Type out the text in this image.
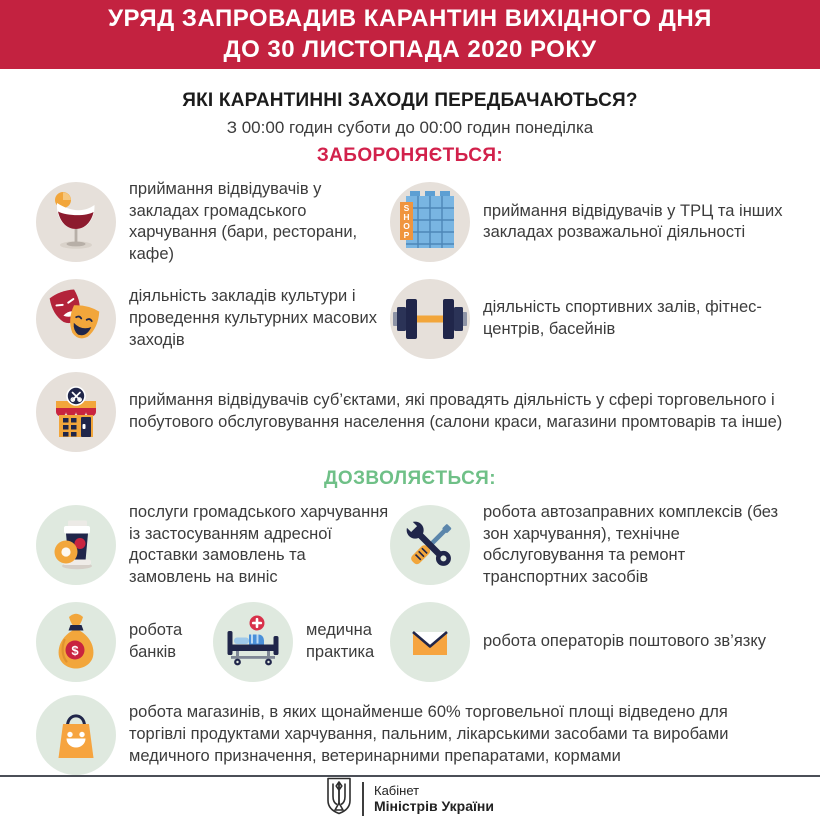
УРЯД ЗАПРОВАДИВ КАРАНТИН ВИХІДНОГО ДНЯ
ДО 30 ЛИСТОПАДА 2020 РОКУ
ЯКІ КАРАНТИННІ ЗАХОДИ ПЕРЕДБАЧАЮТЬСЯ?
З 00:00 годин суботи до 00:00 годин понеділка
ЗАБОРОНЯЄТЬСЯ:
приймання відвідувачів у закладах громадського харчування (бари, ресторани, кафе)
S
H
O
P
приймання відвідувачів у ТРЦ та інших закладах розважальної діяльності
діяльність закладів культури і проведення культурних масових заходів
діяльність спортивних залів, фітнес-центрів, басейнів
приймання відвідувачів суб’єктами, які провадять діяльність у сфері торговельного і побутового обслуговування населення (салони краси, магазини промтоварів та інше)
ДОЗВОЛЯЄТЬСЯ:
послуги громадського харчування із застосуванням адресної доставки замовлень та замовлень на виніс
робота автозаправних комплексів (без зон харчування), технічне обслуговування та ремонт транспортних засобів
$
робота банків
медична практика
робота операторів поштового зв’язку
робота магазинів, в яких щонайменше 60% торговельної площі відведено для торгівлі продуктами харчування, пальним, лікарськими засобами та виробами медичного призначення, ветеринарними препаратами, кормами
Кабінет
Міністрів України
